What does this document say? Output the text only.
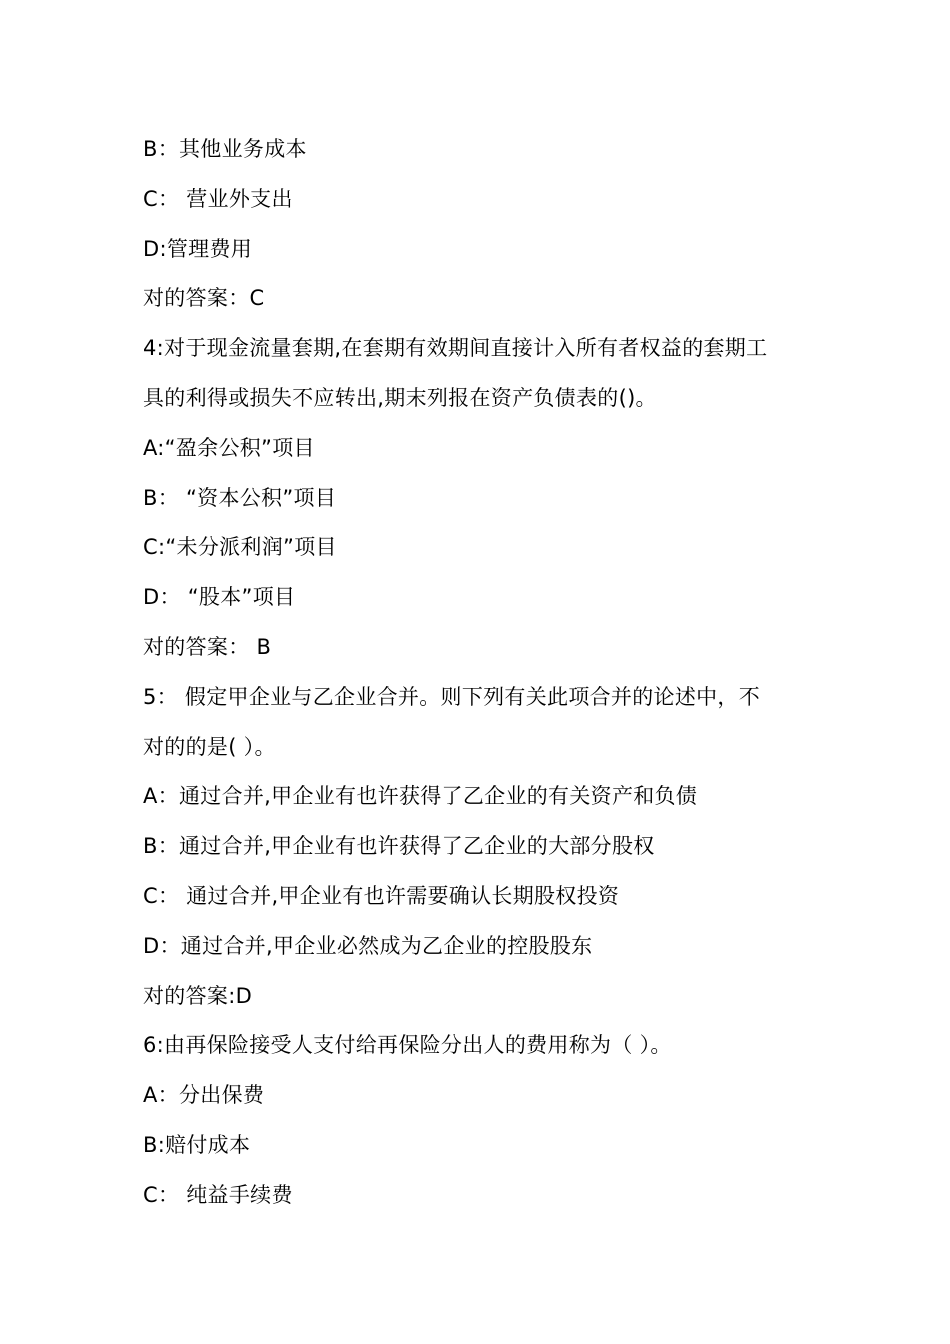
B：其他业务成本
C： 营业外支出
D:管理费用
对的答案：C
4:对于现金流量套期,在套期有效期间直接计入所有者权益的套期工
具的利得或损失不应转出,期末列报在资产负债表的()。
A:“盈余公积”项目
B： “资本公积”项目
C:“未分派利润”项目
D： “股本”项目
对的答案： B
5： 假定甲企业与乙企业合并。则下列有关此项合并的论述中，不
对的的是( ）。
A：通过合并,甲企业有也许获得了乙企业的有关资产和负债
B：通过合并,甲企业有也许获得了乙企业的大部分股权
C： 通过合并,甲企业有也许需要确认长期股权投资
D：通过合并,甲企业必然成为乙企业的控股股东
对的答案:D
6:由再保险接受人支付给再保险分出人的费用称为（ ）。
A：分出保费
B:赔付成本
C： 纯益手续费
